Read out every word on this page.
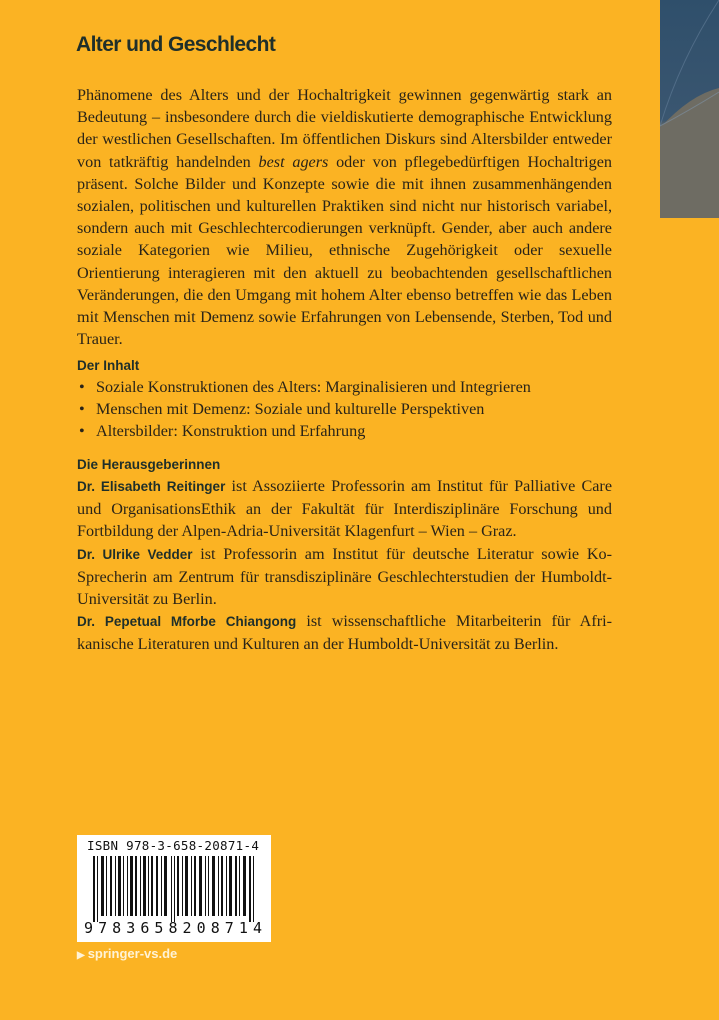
Alter und Geschlecht

Phänomene des Alters und der Hochaltrigkeit gewinnen gegenwärtig stark an Bedeutung – insbesondere durch die vieldiskutierte demographische Entwicklung der westlichen Gesellschaften. Im öffentlichen Diskurs sind Altersbilder entweder von tatkräftig handelnden best agers oder von pflegebedürftigen Hochaltrigen präsent. Solche Bilder und Konzepte sowie die mit ihnen zusammenhängenden sozialen, politischen und kulturellen Praktiken sind nicht nur historisch variabel, sondern auch mit Geschlechtercodierungen verknüpft. Gender, aber auch andere soziale Kategorien wie Milieu, ethnische Zugehörigkeit oder sexuelle Orientierung interagieren mit den aktuell zu beobachtenden gesellschaftlichen Veränderungen, die den Umgang mit hohem Alter ebenso betreffen wie das Leben mit Menschen mit Demenz sowie Erfahrungen von Lebensende, Sterben, Tod und Trauer.

Der Inhalt
• Soziale Konstruktionen des Alters: Marginalisieren und Integrieren
• Menschen mit Demenz: Soziale und kulturelle Perspektiven
• Altersbilder: Konstruktion und Erfahrung
Die Herausgeberinnen
Dr. Elisabeth Reitinger ist Assoziierte Professorin am Institut für Palliative Care und OrganisationsEthik an der Fakultät für Interdisziplinäre Forschung und Fortbildung der Alpen-Adria-Universität Klagenfurt – Wien – Graz.
Dr. Ulrike Vedder ist Professorin am Institut für deutsche Literatur sowie Ko-Sprecherin am Zentrum für transdisziplinäre Geschlechterstudien der Humboldt-Universität zu Berlin.
Dr. Pepetual Mforbe Chiangong ist wissenschaftliche Mitarbeiterin für Afrikanische Literaturen und Kulturen an der Humboldt-Universität zu Berlin.
ISBN 978-3-658-20871-4
9 7 8 3 6 5 8 2 0 8 7 1 4
▶ springer-vs.de
